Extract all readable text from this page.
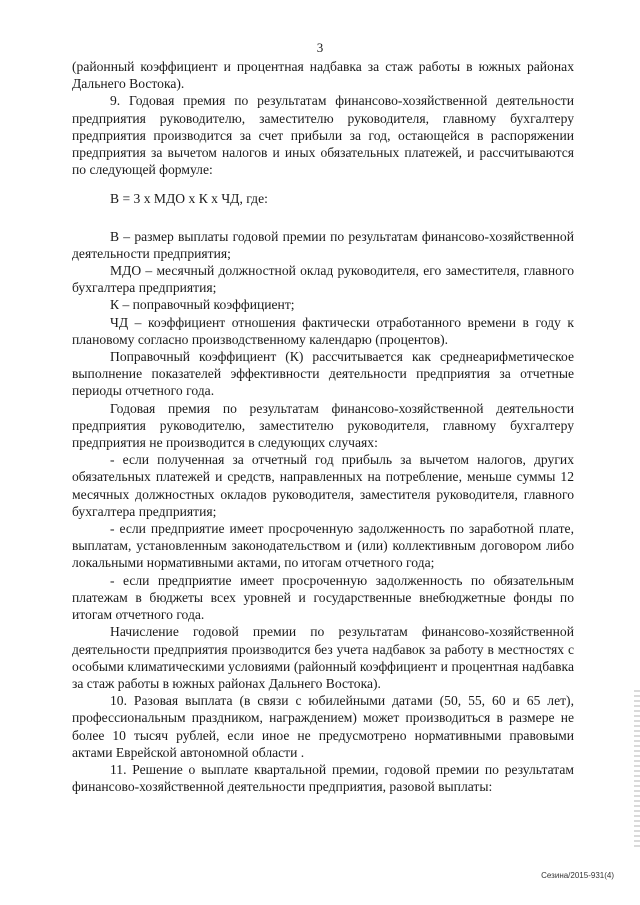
3

(районный коэффициент и процентная надбавка за стаж работы в южных районах Дальнего Востока).

9. Годовая премия по результатам финансово-хозяйственной деятельности предприятия руководителю, заместителю руководителя, главному бухгалтеру предприятия производится за счет прибыли за год, остающейся в распоряжении предприятия за вычетом налогов и иных обязательных платежей, и рассчитываются по следующей формуле:

В = 3 х МДО х К х ЧД, где:

В – размер выплаты годовой премии по результатам финансово-хозяйственной деятельности предприятия;

МДО – месячный должностной оклад руководителя, его заместителя, главного бухгалтера предприятия;

К – поправочный коэффициент;

ЧД – коэффициент отношения фактически отработанного времени в году к плановому согласно производственному календарю (процентов).

Поправочный коэффициент (К) рассчитывается как среднеарифметическое выполнение показателей эффективности деятельности предприятия за отчетные периоды отчетного года.

Годовая премия по результатам финансово-хозяйственной деятельности предприятия руководителю, заместителю руководителя, главному бухгалтеру предприятия не производится в следующих случаях:

- если полученная за отчетный год прибыль за вычетом налогов, других обязательных платежей и средств, направленных на потребление, меньше суммы 12 месячных должностных окладов руководителя, заместителя руководителя, главного бухгалтера предприятия;

- если предприятие имеет просроченную задолженность по заработной плате, выплатам, установленным законодательством и (или) коллективным договором либо локальными нормативными актами, по итогам отчетного года;

- если предприятие имеет просроченную задолженность по обязательным платежам в бюджеты всех уровней и государственные внебюджетные фонды по итогам отчетного года.

Начисление годовой премии по результатам финансово-хозяйственной деятельности предприятия производится без учета надбавок за работу в местностях с особыми климатическими условиями (районный коэффициент и процентная надбавка за стаж работы в южных районах Дальнего Востока).

10. Разовая выплата (в связи с юбилейными датами (50, 55, 60 и 65 лет), профессиональным праздником, награждением) может производиться в размере не более 10 тысяч рублей, если иное не предусмотрено нормативными правовыми актами Еврейской автономной области .

11. Решение о выплате квартальной премии, годовой премии по результатам финансово-хозяйственной деятельности предприятия, разовой выплаты:

Сезина/2015-931(4)
